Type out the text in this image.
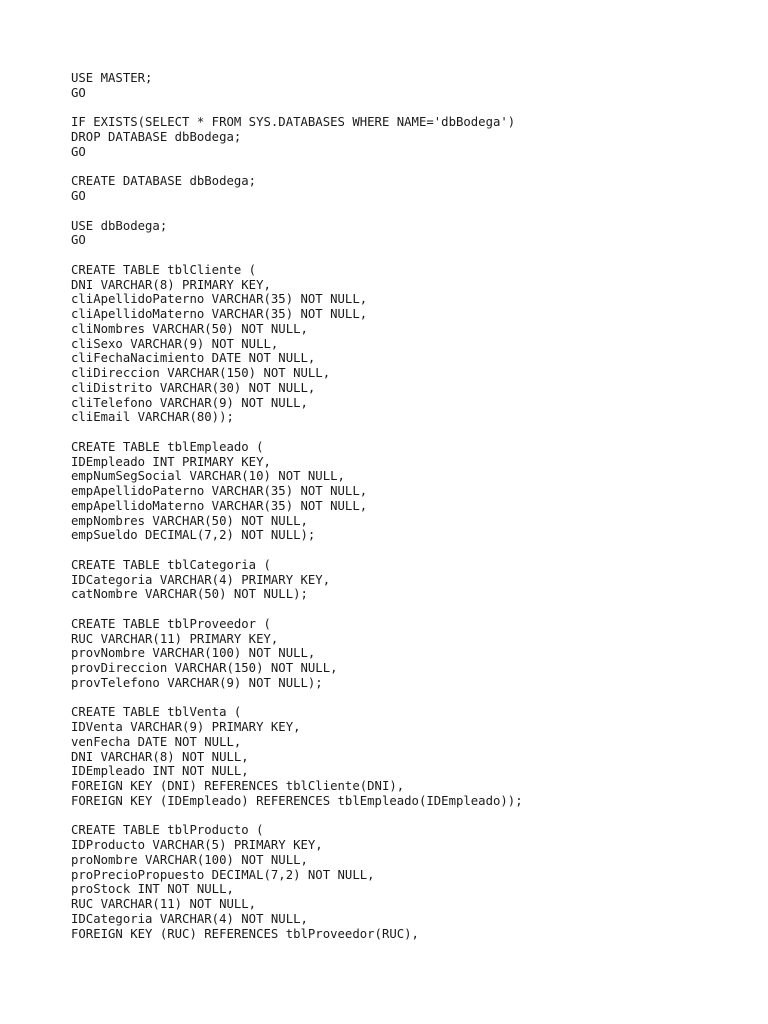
USE MASTER;
GO
IF EXISTS(SELECT * FROM SYS.DATABASES WHERE NAME='dbBodega')
DROP DATABASE dbBodega;
GO
CREATE DATABASE dbBodega;
GO
USE dbBodega;
GO
CREATE TABLE tblCliente (
DNI VARCHAR(8) PRIMARY KEY,
cliApellidoPaterno VARCHAR(35) NOT NULL,
cliApellidoMaterno VARCHAR(35) NOT NULL,
cliNombres VARCHAR(50) NOT NULL,
cliSexo VARCHAR(9) NOT NULL,
cliFechaNacimiento DATE NOT NULL,
cliDireccion VARCHAR(150) NOT NULL,
cliDistrito VARCHAR(30) NOT NULL,
cliTelefono VARCHAR(9) NOT NULL,
cliEmail VARCHAR(80));
CREATE TABLE tblEmpleado (
IDEmpleado INT PRIMARY KEY,
empNumSegSocial VARCHAR(10) NOT NULL,
empApellidoPaterno VARCHAR(35) NOT NULL,
empApellidoMaterno VARCHAR(35) NOT NULL,
empNombres VARCHAR(50) NOT NULL,
empSueldo DECIMAL(7,2) NOT NULL);
CREATE TABLE tblCategoria (
IDCategoria VARCHAR(4) PRIMARY KEY,
catNombre VARCHAR(50) NOT NULL);
CREATE TABLE tblProveedor (
RUC VARCHAR(11) PRIMARY KEY,
provNombre VARCHAR(100) NOT NULL,
provDireccion VARCHAR(150) NOT NULL,
provTelefono VARCHAR(9) NOT NULL);
CREATE TABLE tblVenta (
IDVenta VARCHAR(9) PRIMARY KEY,
venFecha DATE NOT NULL,
DNI VARCHAR(8) NOT NULL,
IDEmpleado INT NOT NULL,
FOREIGN KEY (DNI) REFERENCES tblCliente(DNI),
FOREIGN KEY (IDEmpleado) REFERENCES tblEmpleado(IDEmpleado));
CREATE TABLE tblProducto (
IDProducto VARCHAR(5) PRIMARY KEY,
proNombre VARCHAR(100) NOT NULL,
proPrecioPropuesto DECIMAL(7,2) NOT NULL,
proStock INT NOT NULL,
RUC VARCHAR(11) NOT NULL,
IDCategoria VARCHAR(4) NOT NULL,
FOREIGN KEY (RUC) REFERENCES tblProveedor(RUC),
